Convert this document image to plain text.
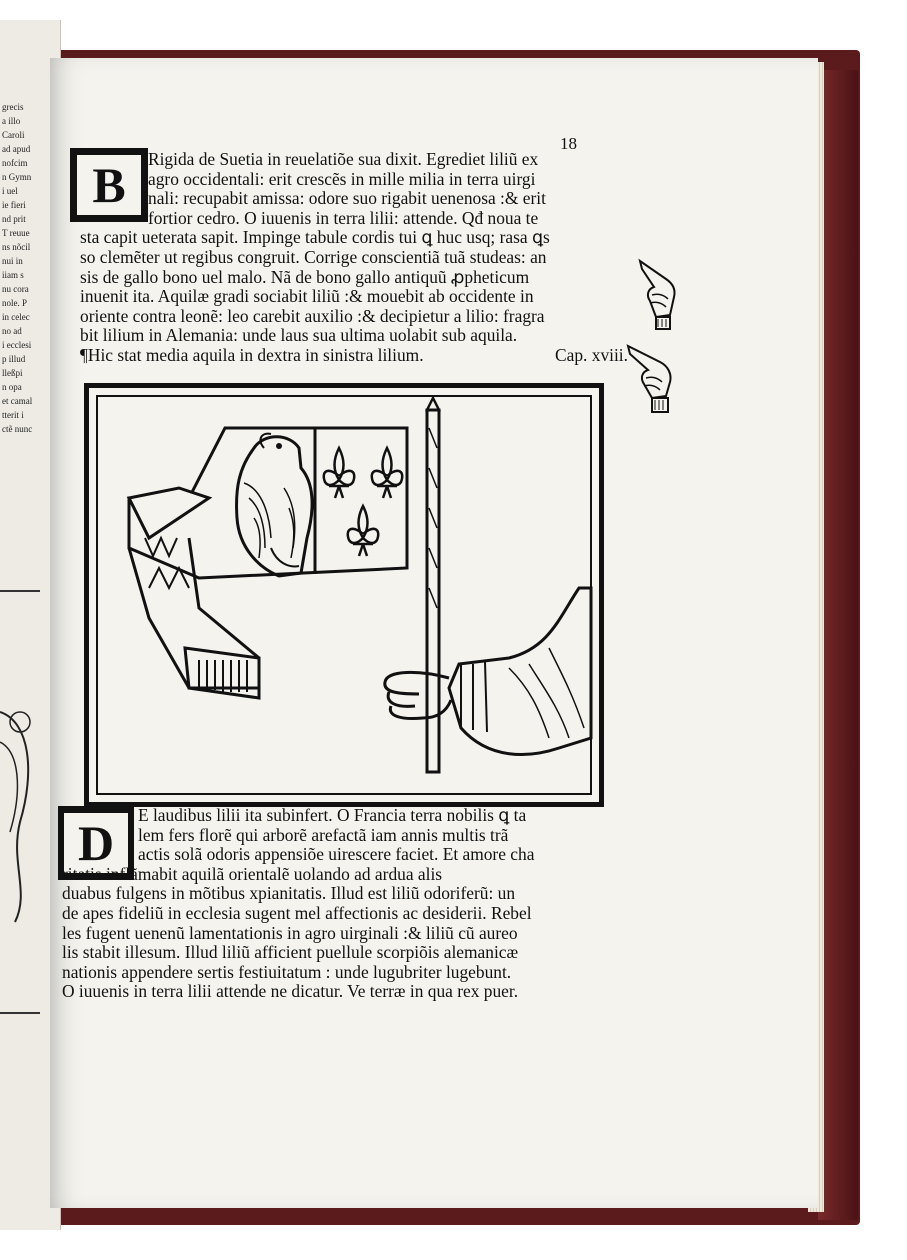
grecis
a illo
Caroli
ad apud
nofcim
n Gymn
i uel
ie fieri
nd prit
T reuue
ns nõcil
nui in
iiam s
nu cora
nole. P
in celec
no ad
i ecclesi
p illud
lleßpi
n opa
et camal
tterit i
ctẽ nunc
18
B	Rigida de Suetia in reuelatiõe sua dixit. Egrediet liliũ ex
agro occidentali: erit crescẽs in mille milia in terra uirgi
nali: recupabit amissa: odore suo rigabit uenenosa :& erit
fortior cedro. O iuuenis in terra lilii: attende. Qđ noua te
sta capit ueterata sapit. Impinge tabule cordis tui ꝗ huc usq; rasa ꝗs
so clemẽter ut regibus congruit. Corrige conscientiã tuã studeas: an
sis de gallo bono uel malo. Nã de bono gallo antiquũ ꝓpheticum
inuenit ita. Aquilæ gradi sociabit liliũ :& mouebit ab occidente in
oriente contra leonẽ: leo carebit auxilio :& decipietur a lilio: fragra
bit lilium in Alemania: unde laus sua ultima uolabit sub aquila.
¶Hic stat media aquila in dextra in sinistra lilium.	Cap. xviii.
D	E laudibus lilii ita subinfert. O Francia terra nobilis ꝗ ta
lem fers florẽ qui arborẽ arefactã iam annis multis trã
actis solã odoris appensiõe uirescere faciet. Et amore cha
ritatis inflãmabit aquilã orientalẽ uolando ad ardua alis
duabus fulgens in mõtibus xpianitatis. Illud est liliũ odoriferũ: un
de apes fideliũ in ecclesia sugent mel affectionis ac desiderii. Rebel
les fugent uenenũ lamentationis in agro uirginali :& liliũ cũ aureo
lis stabit illesum. Illud liliũ afficient puellule scorpiõis alemanicæ
nationis appendere sertis festiuitatum : unde lugubriter lugebunt.
O iuuenis in terra lilii attende ne dicatur. Ve terræ in qua rex puer.
